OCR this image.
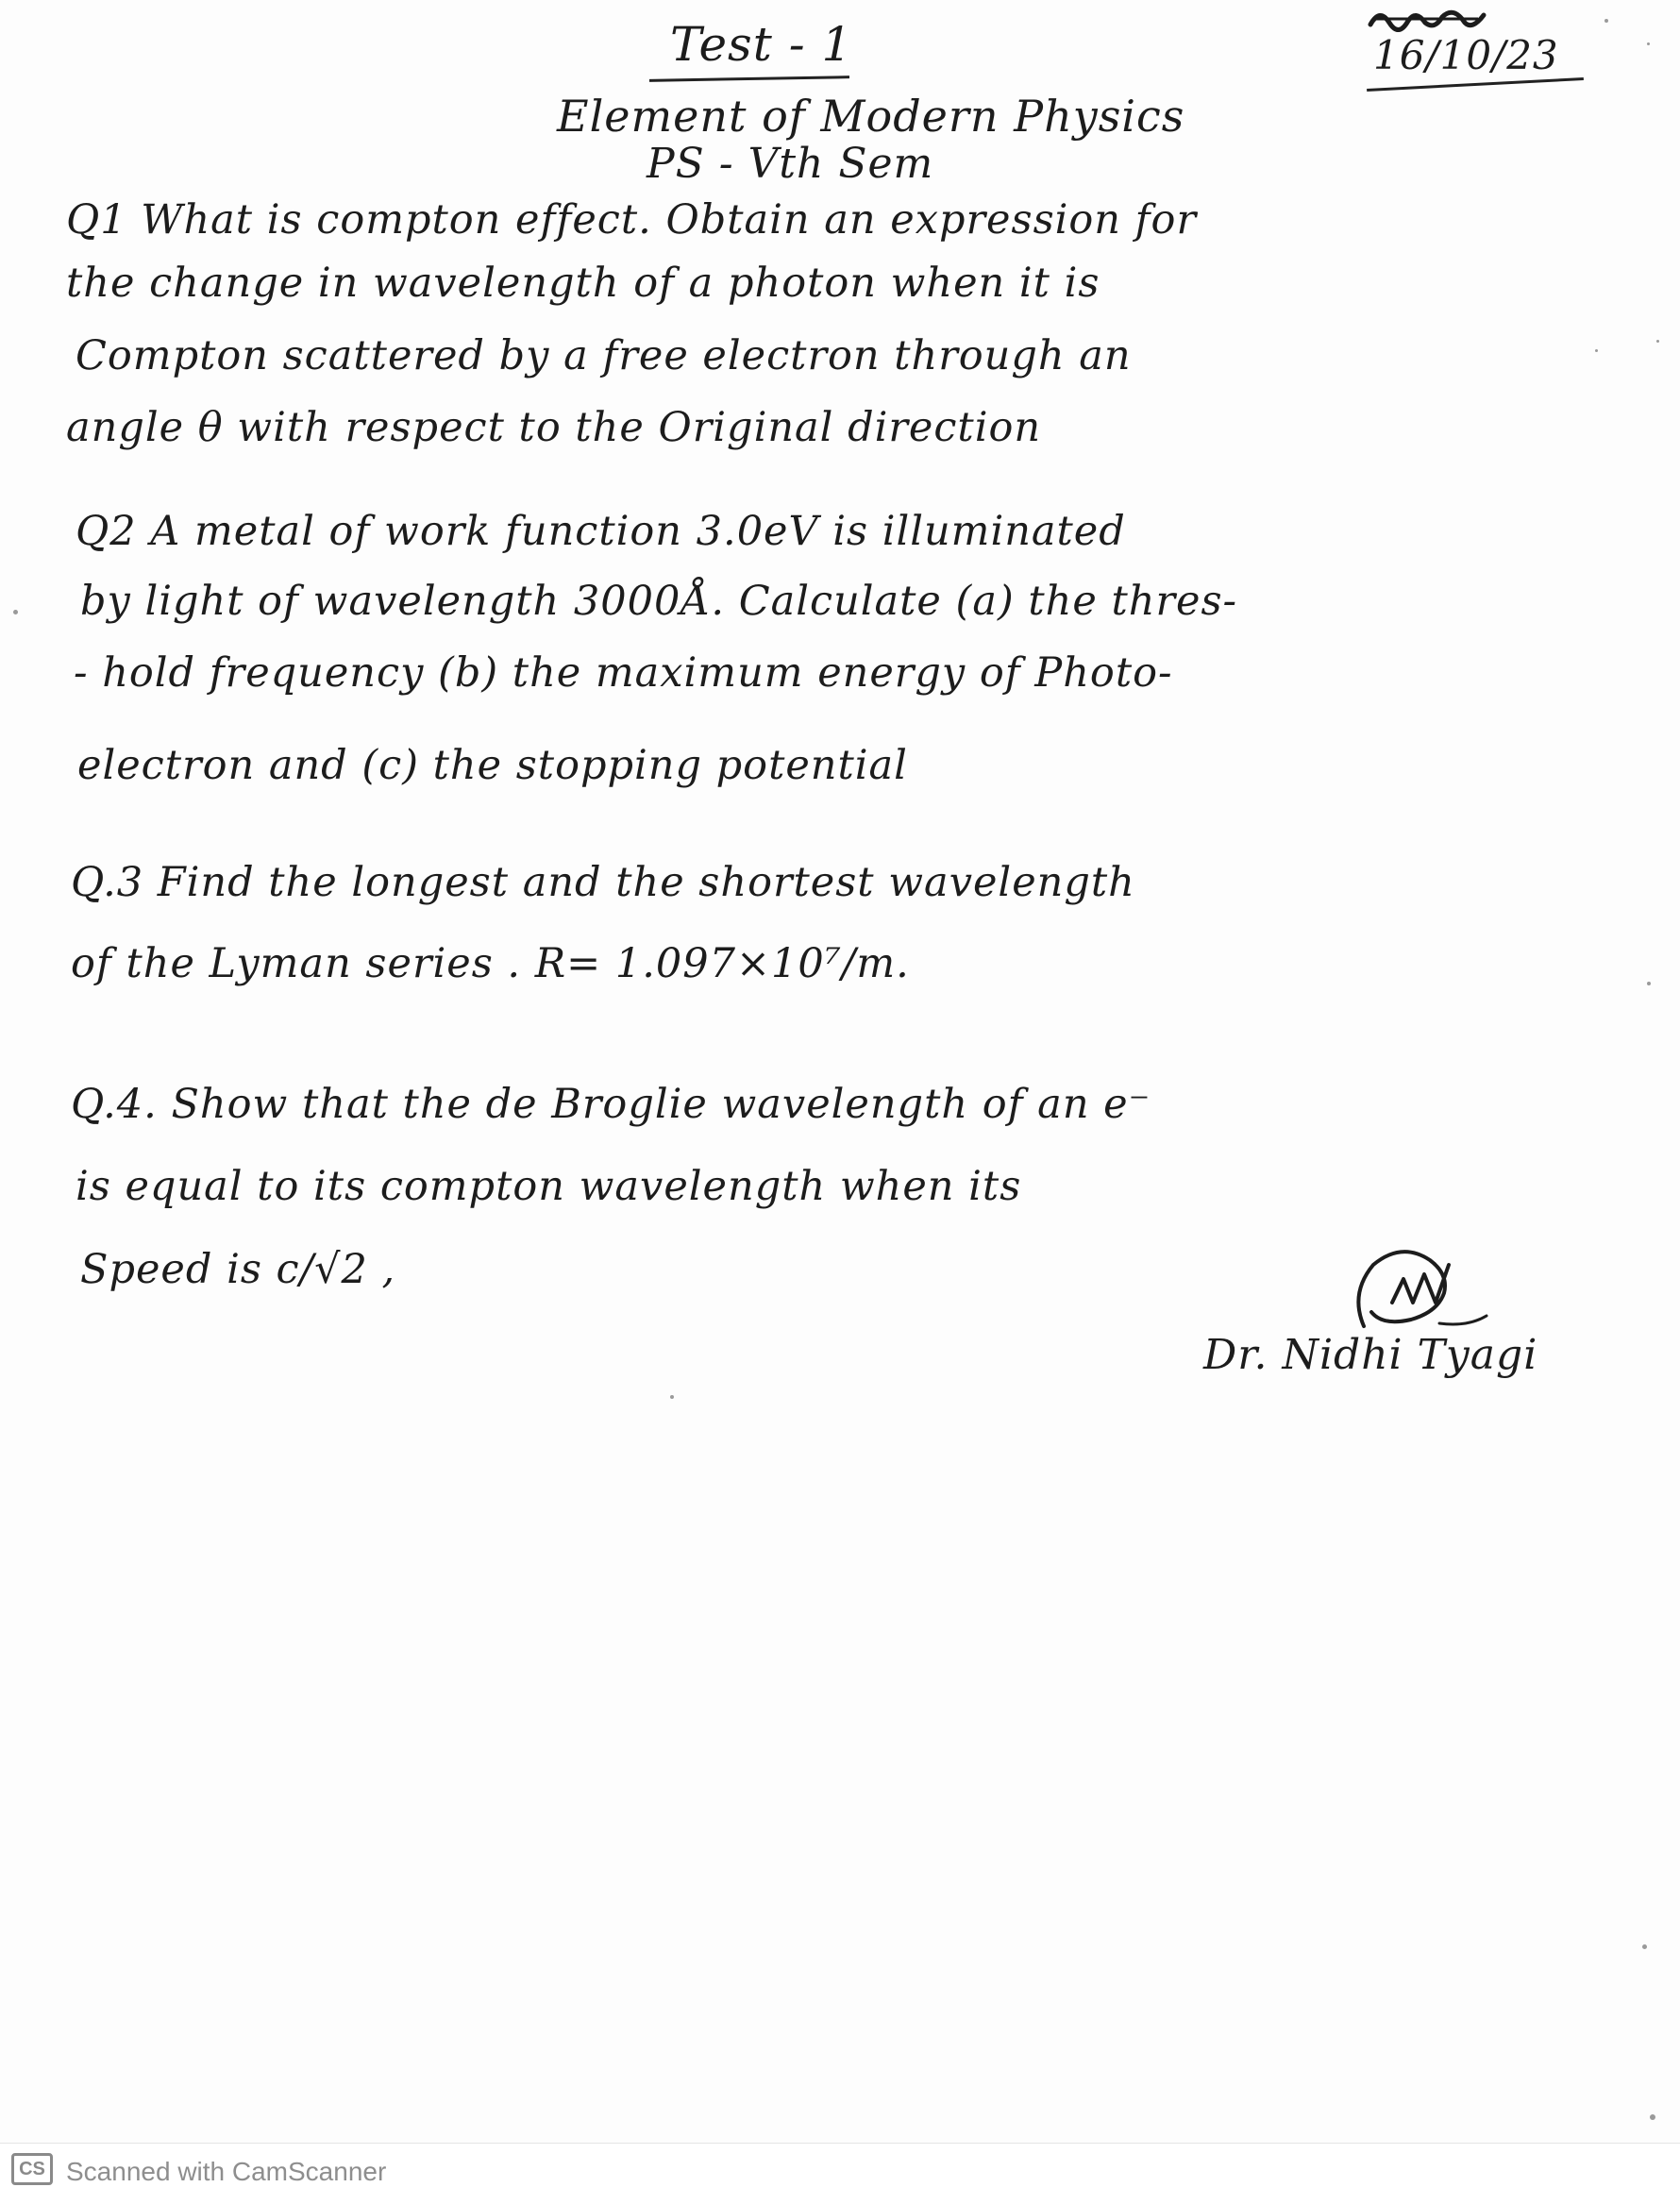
Test - 1	16/10/23
Element of Modern Physics
PS - Vth Sem
Q1 What is compton effect. Obtain an expression for
the change in wavelength of a photon when it is
Compton scattered by a free electron through an
angle θ with respect to the Original direction
Q2 A metal of work function 3.0eV is illuminated
by light of wavelength 3000Å. Calculate (a) the thres-
- hold frequency (b) the maximum energy of Photo-
electron and (c) the stopping potential
Q.3 Find the longest and the shortest wavelength
of the Lyman series . R= 1.097×10⁷/m.
Q.4. Show that the de Broglie wavelength of an e⁻
is equal to its compton wavelength when its
Speed is c/√2 ,
Dr. Nidhi Tyagi
CS Scanned with CamScanner
